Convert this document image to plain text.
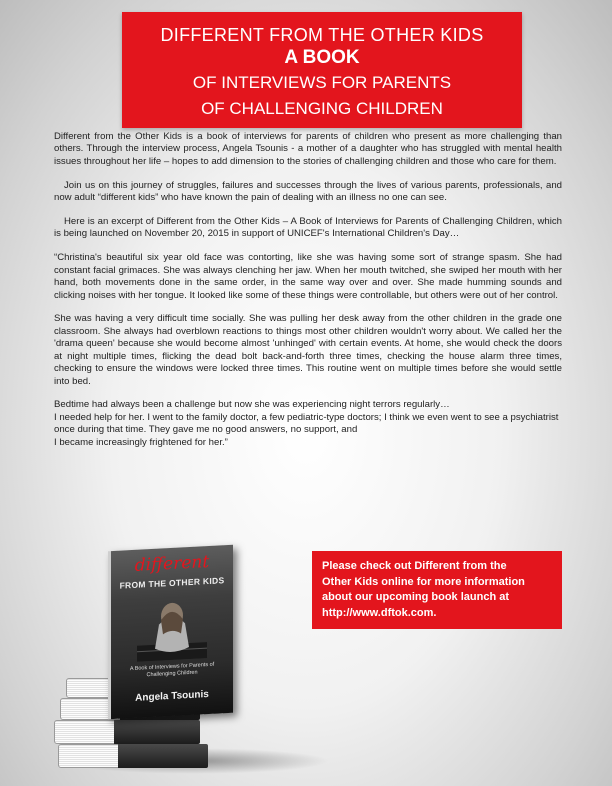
DIFFERENT FROM THE OTHER KIDS
A BOOK
OF INTERVIEWS FOR PARENTS
OF CHALLENGING CHILDREN

Different from the Other Kids is a book of interviews for parents of children who present as more challenging than others. Through the interview process, Angela Tsounis - a mother of a daughter who has struggled with mental health issues throughout her life – hopes to add dimension to the stories of challenging children and those who care for them.

Join us on this journey of struggles, failures and successes through the lives of various parents, professionals, and now adult “different kids” who have known the pain of dealing with an illness no one can see.

Here is an excerpt of Different from the Other Kids – A Book of Interviews for Parents of Challenging Children, which is being launched on November 20, 2015 in support of UNICEF's International Children's Day…

“Christina's beautiful six year old face was contorting, like she was having some sort of strange spasm. She had constant facial grimaces. She was always clenching her jaw. When her mouth twitched, she swiped her mouth with her hand, both movements done in the same order, in the same way over and over. She made humming sounds and clicking noises with her tongue. It looked like some of these things were controllable, but others were out of her control.

She was having a very difficult time socially. She was pulling her desk away from the other children in the grade one classroom. She always had overblown reactions to things most other children wouldn't worry about. We called her the 'drama queen' because she would become almost 'unhinged' with certain events. At home, she would check the doors at night multiple times, flicking the dead bolt back-and-forth three times, checking the house alarm three times, checking to ensure the windows were locked three times. This routine went on multiple times before she would settle into bed.

Bedtime had always been a challenge but now she was experiencing night terrors regularly…
I needed help for her. I went to the family doctor, a few pediatric-type doctors; I think we even went to see a psychiatrist once during that time. They gave me no good answers, no support, and
I became increasingly frightened for her.”

different
FROM THE OTHER KIDS
A Book of Interviews for Parents of Challenging Children
Angela Tsounis
Please check out Different from the
Other Kids online for more information
about our upcoming book launch at
http://www.dftok.com.
